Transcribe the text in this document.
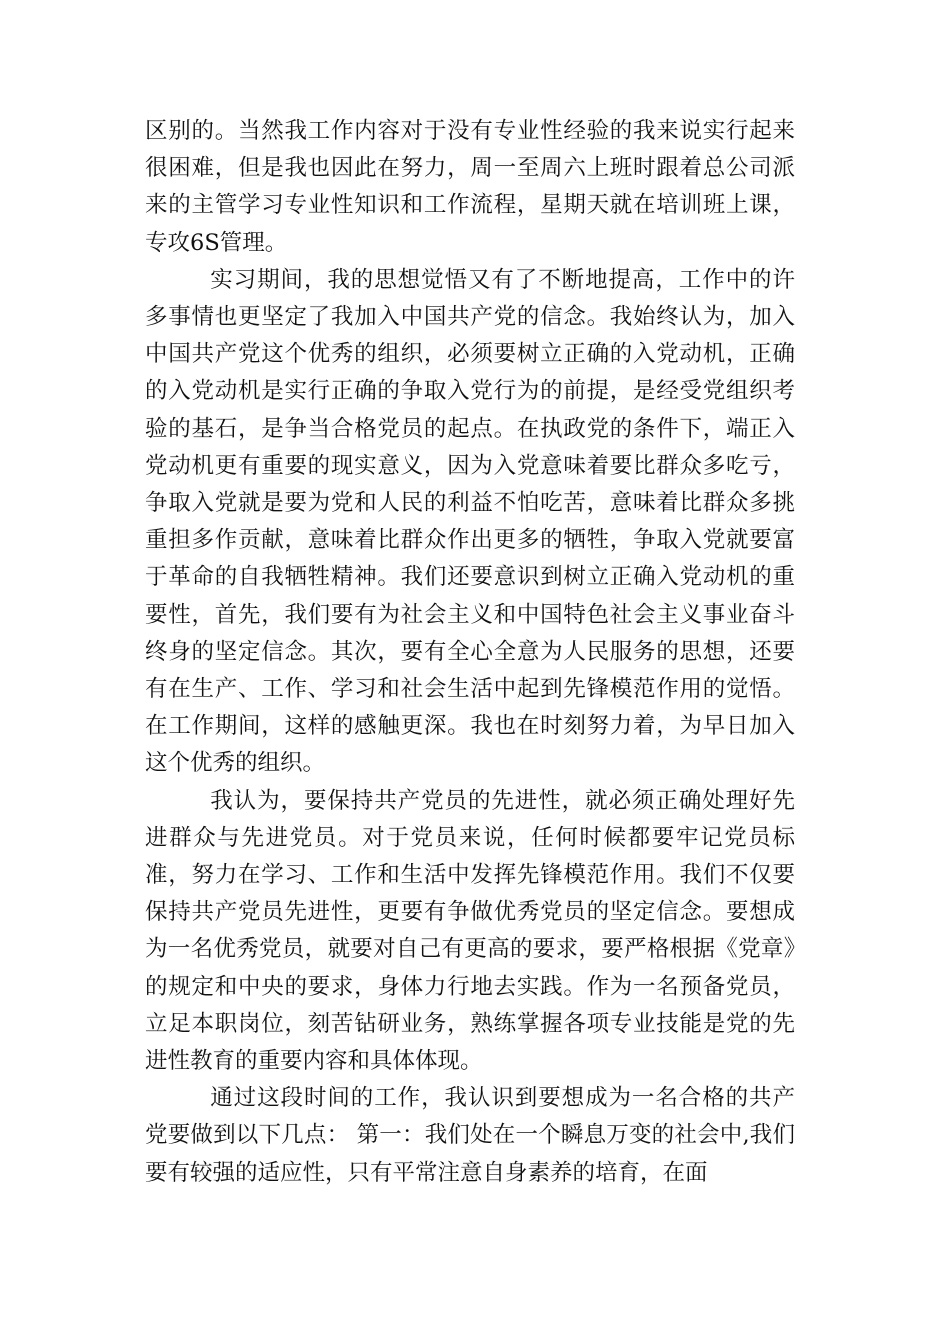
区别的。当然我工作内容对于没有专业性经验的我来说实行起来很困难，但是我也因此在努力，周一至周六上班时跟着总公司派来的主管学习专业性知识和工作流程，星期天就在培训班上课，专攻6S管理。

实习期间，我的思想觉悟又有了不断地提高，工作中的许多事情也更坚定了我加入中国共产党的信念。我始终认为，加入中国共产党这个优秀的组织，必须要树立正确的入党动机，正确的入党动机是实行正确的争取入党行为的前提，是经受党组织考验的基石，是争当合格党员的起点。在执政党的条件下，端正入党动机更有重要的现实意义，因为入党意味着要比群众多吃亏，争取入党就是要为党和人民的利益不怕吃苦，意味着比群众多挑重担多作贡献，意味着比群众作出更多的牺牲，争取入党就要富于革命的自我牺牲精神。我们还要意识到树立正确入党动机的重要性，首先，我们要有为社会主义和中国特色社会主义事业奋斗终身的坚定信念。其次，要有全心全意为人民服务的思想，还要有在生产、工作、学习和社会生活中起到先锋模范作用的觉悟。在工作期间，这样的感触更深。我也在时刻努力着，为早日加入这个优秀的组织。

我认为，要保持共产党员的先进性，就必须正确处理好先进群众与先进党员。对于党员来说，任何时候都要牢记党员标准，努力在学习、工作和生活中发挥先锋模范作用。我们不仅要保持共产党员先进性，更要有争做优秀党员的坚定信念。要想成为一名优秀党员，就要对自己有更高的要求，要严格根据《党章》的规定和中央的要求，身体力行地去实践。作为一名预备党员，立足本职岗位，刻苦钻研业务，熟练掌握各项专业技能是党的先进性教育的重要内容和具体体现。

通过这段时间的工作，我认识到要想成为一名合格的共产党要做到以下几点： 第一：我们处在一个瞬息万变的社会中,我们要有较强的适应性，只有平常注意自身素养的培育，在面
